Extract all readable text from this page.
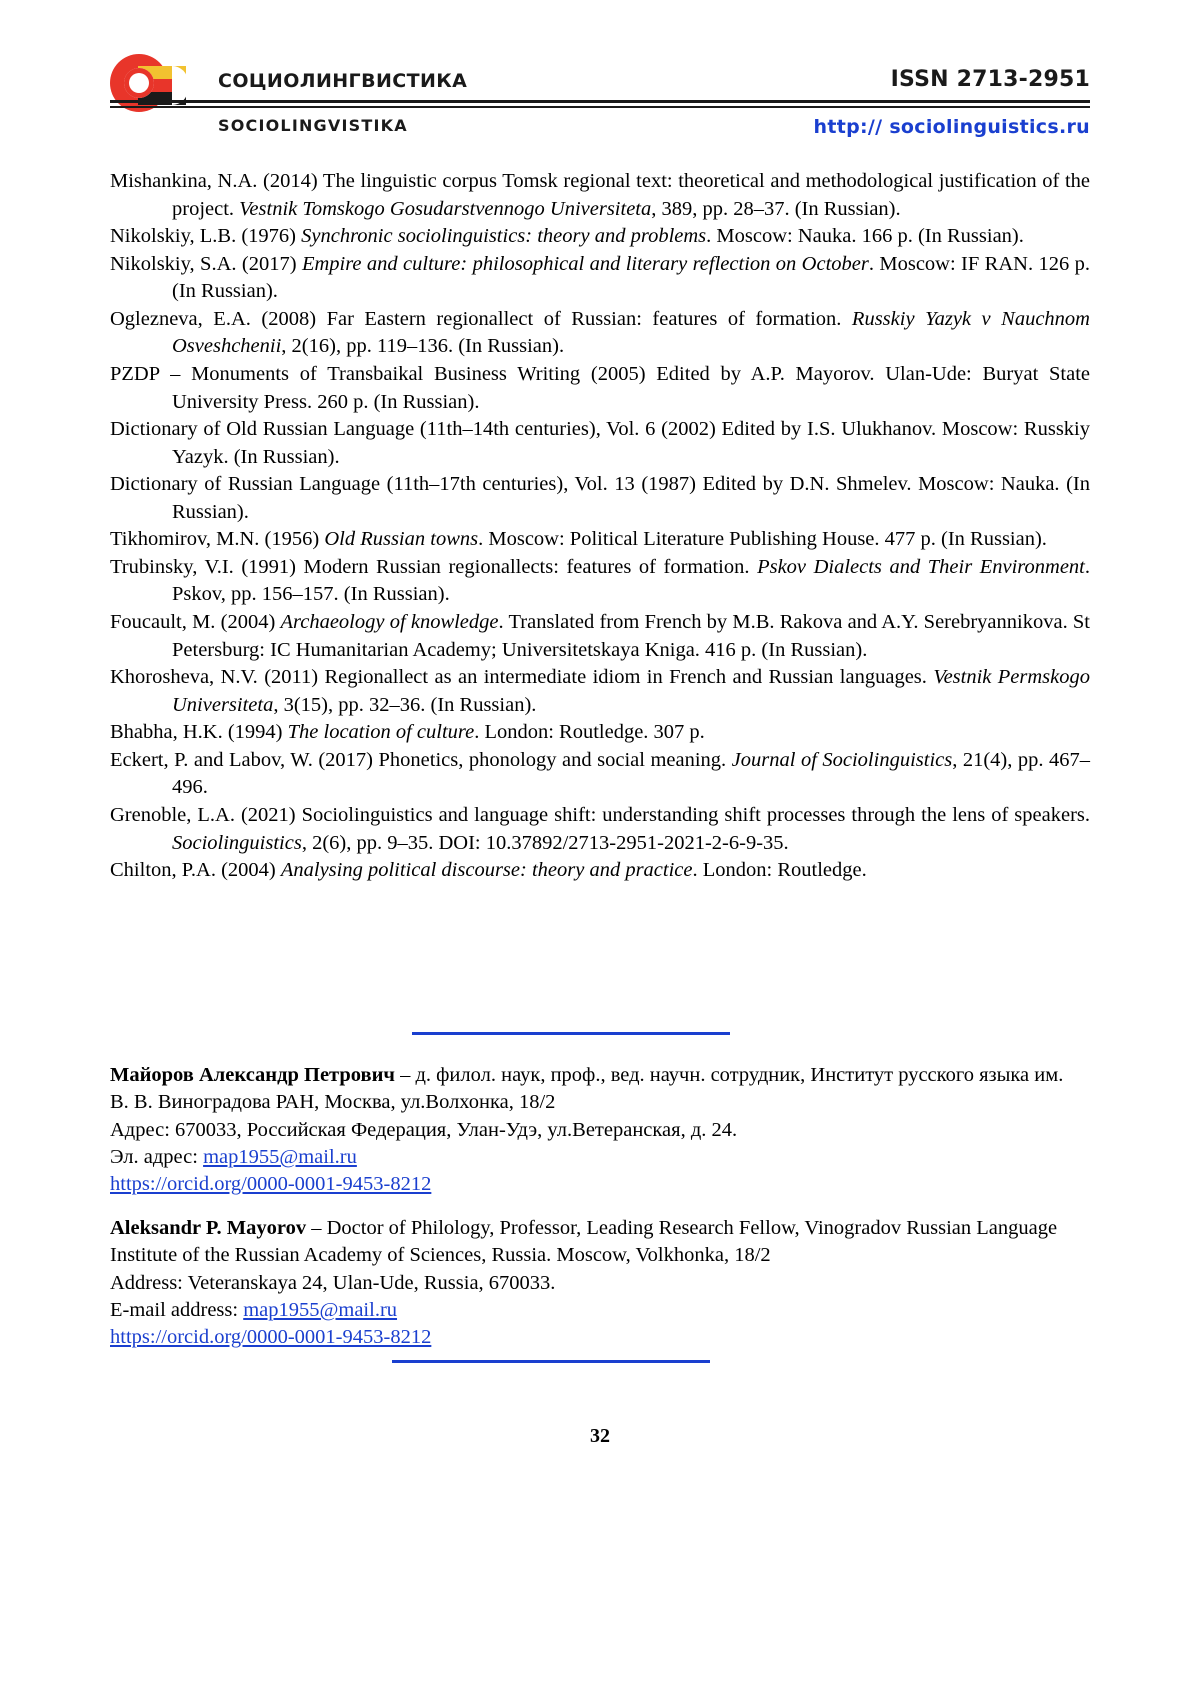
СОЦИОЛИНГВИСТИКА
SOCIOLINGVISTIKA
ISSN 2713-2951
http:// sociolinguistics.ru

Mishankina, N.A. (2014) The linguistic corpus Tomsk regional text: theoretical and methodological justification of the project. Vestnik Tomskogo Gosudarstvennogo Universiteta, 389, pp. 28–37. (In Russian).

Nikolskiy, L.B. (1976) Synchronic sociolinguistics: theory and problems. Moscow: Nauka. 166 p. (In Russian).

Nikolskiy, S.A. (2017) Empire and culture: philosophical and literary reflection on October. Moscow: IF RAN. 126 p. (In Russian).

Oglezneva, E.A. (2008) Far Eastern regionallect of Russian: features of formation. Russkiy Yazyk v Nauchnom Osveshchenii, 2(16), pp. 119–136. (In Russian).

PZDP – Monuments of Transbaikal Business Writing (2005) Edited by A.P. Mayorov. Ulan-Ude: Buryat State University Press. 260 p. (In Russian).

Dictionary of Old Russian Language (11th–14th centuries), Vol. 6 (2002) Edited by I.S. Ulukhanov. Moscow: Russkiy Yazyk. (In Russian).

Dictionary of Russian Language (11th–17th centuries), Vol. 13 (1987) Edited by D.N. Shmelev. Moscow: Nauka. (In Russian).

Tikhomirov, M.N. (1956) Old Russian towns. Moscow: Political Literature Publishing House. 477 p. (In Russian).

Trubinsky, V.I. (1991) Modern Russian regionallects: features of formation. Pskov Dialects and Their Environment. Pskov, pp. 156–157. (In Russian).

Foucault, M. (2004) Archaeology of knowledge. Translated from French by M.B. Rakova and A.Y. Serebryannikova. St Petersburg: IC Humanitarian Academy; Universitetskaya Kniga. 416 p. (In Russian).

Khorosheva, N.V. (2011) Regionallect as an intermediate idiom in French and Russian languages. Vestnik Permskogo Universiteta, 3(15), pp. 32–36. (In Russian).

Bhabha, H.K. (1994) The location of culture. London: Routledge. 307 p.

Eckert, P. and Labov, W. (2017) Phonetics, phonology and social meaning. Journal of Sociolinguistics, 21(4), pp. 467–496.

Grenoble, L.A. (2021) Sociolinguistics and language shift: understanding shift processes through the lens of speakers. Sociolinguistics, 2(6), pp. 9–35. DOI: 10.37892/2713-2951-2021-2-6-9-35.

Chilton, P.A. (2004) Analysing political discourse: theory and practice. London: Routledge.

Майоров Александр Петрович – д. филол. наук, проф., вед. научн. сотрудник, Институт русского языка им. В. В. Виноградова РАН, Москва, ул.Волхонка, 18/2

Адрес: 670033, Российская Федерация, Улан-Удэ, ул.Ветеранская, д. 24.

Эл. адрес: map1955@mail.ru

https://orcid.org/0000-0001-9453-8212

Aleksandr P. Mayorov – Doctor of Philology, Professor, Leading Research Fellow, Vinogradov Russian Language Institute of the Russian Academy of Sciences, Russia. Moscow, Volkhonka, 18/2

Address: Veteranskaya 24, Ulan-Ude, Russia, 670033.

E-mail address: map1955@mail.ru

https://orcid.org/0000-0001-9453-8212

32
